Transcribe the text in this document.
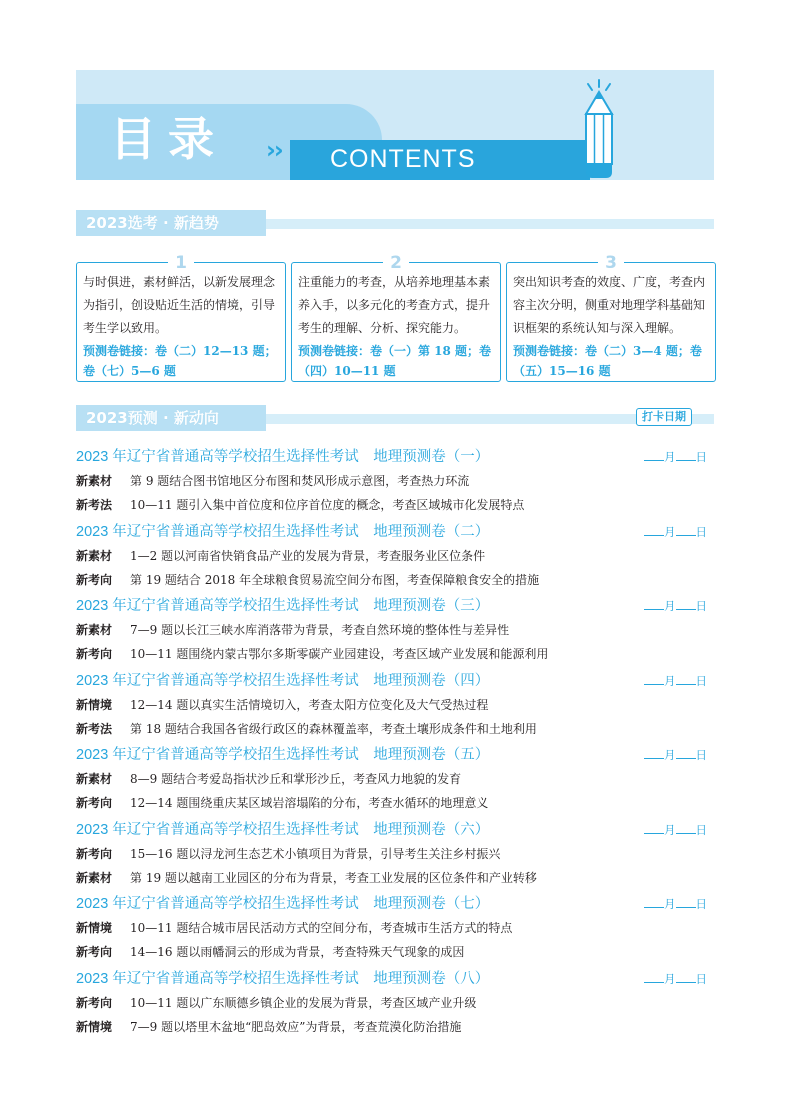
目录 ›› CONTENTS
2023选考 · 新趋势
1
与时俱进，素材鲜活，以新发展理念为指引，创设贴近生活的情境，引导考生学以致用。
预测卷链接：卷（二）12—13 题；卷（七）5—6 题
2
注重能力的考查，从培养地理基本素养入手，以多元化的考查方式，提升考生的理解、分析、探究能力。
预测卷链接：卷（一）第 18 题；卷（四）10—11 题
3
突出知识考查的效度、广度，考查内容主次分明，侧重对地理学科基础知识框架的系统认知与深入理解。
预测卷链接：卷（二）3—4 题；卷（五）15—16 题
2023预测 · 新动向	打卡日期
2023 年辽宁省普通高等学校招生选择性考试　地理预测卷（一）	月 日
新素材 第 9 题结合图书馆地区分布图和焚风形成示意图，考查热力环流
新考法 10—11 题引入集中首位度和位序首位度的概念，考查区域城市化发展特点
2023 年辽宁省普通高等学校招生选择性考试　地理预测卷（二）	月 日
新素材 1—2 题以河南省快销食品产业的发展为背景，考查服务业区位条件
新考向 第 19 题结合 2018 年全球粮食贸易流空间分布图，考查保障粮食安全的措施
2023 年辽宁省普通高等学校招生选择性考试　地理预测卷（三）	月 日
新素材 7—9 题以长江三峡水库消落带为背景，考查自然环境的整体性与差异性
新考向 10—11 题围绕内蒙古鄂尔多斯零碳产业园建设，考查区域产业发展和能源利用
2023 年辽宁省普通高等学校招生选择性考试　地理预测卷（四）	月 日
新情境 12—14 题以真实生活情境切入，考查太阳方位变化及大气受热过程
新考法 第 18 题结合我国各省级行政区的森林覆盖率，考查土壤形成条件和土地利用
2023 年辽宁省普通高等学校招生选择性考试　地理预测卷（五）	月 日
新素材 8—9 题结合考爱岛指状沙丘和掌形沙丘，考查风力地貌的发育
新考向 12—14 题围绕重庆某区域岩溶塌陷的分布，考查水循环的地理意义
2023 年辽宁省普通高等学校招生选择性考试　地理预测卷（六）	月 日
新考向 15—16 题以浔龙河生态艺术小镇项目为背景，引导考生关注乡村振兴
新素材 第 19 题以越南工业园区的分布为背景，考查工业发展的区位条件和产业转移
2023 年辽宁省普通高等学校招生选择性考试　地理预测卷（七）	月 日
新情境 10—11 题结合城市居民活动方式的空间分布，考查城市生活方式的特点
新考向 14—16 题以雨幡洞云的形成为背景，考查特殊天气现象的成因
2023 年辽宁省普通高等学校招生选择性考试　地理预测卷（八）	月 日
新考向 10—11 题以广东顺德乡镇企业的发展为背景，考查区域产业升级
新情境 7—9 题以塔里木盆地“肥岛效应”为背景，考查荒漠化防治措施
